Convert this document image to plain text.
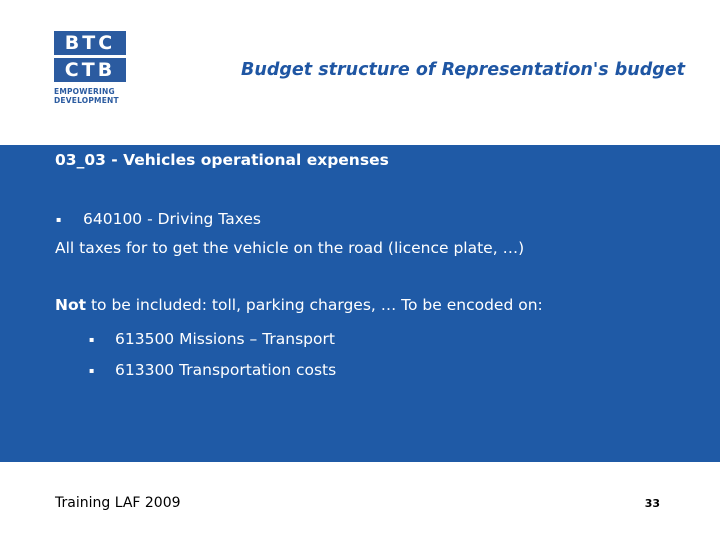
BTC
CTB
EMPOWERING
DEVELOPMENT
Budget structure of Representation's budget
03_03 - Vehicles operational expenses
▪ 640100 - Driving Taxes
All taxes for to get the vehicle on the road (licence plate, …)
Not to be included: toll, parking charges, … To be encoded on:
▪ 613500 Missions – Transport
▪ 613300 Transportation costs
Training LAF 2009	33
